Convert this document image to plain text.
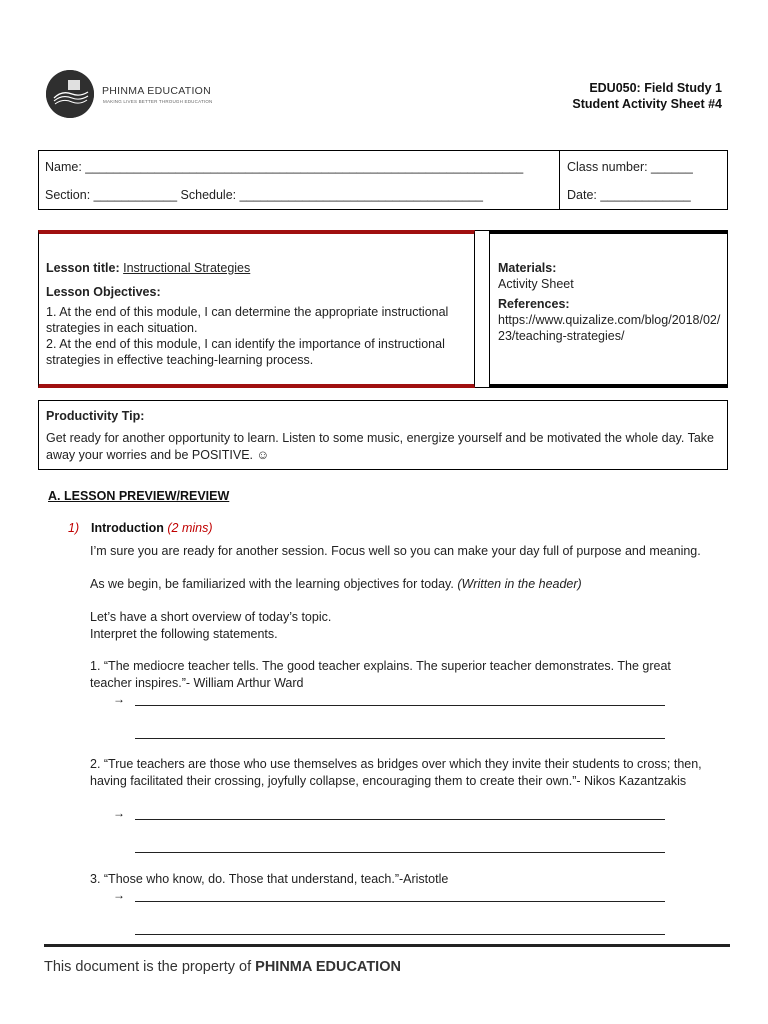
PHINMA EDUCATION
MAKING LIVES BETTER THROUGH EDUCATION
EDU050: Field Study 1
Student Activity Sheet #4
Name: _______________________________________________________________
Section: ____________ Schedule: ___________________________________
Class number: ______
Date: _____________
Lesson title: Instructional Strategies
Lesson Objectives:
1. At the end of this module, I can determine the appropriate instructional strategies in each situation.
2. At the end of this module, I can identify the importance of instructional strategies in effective teaching-learning process.
Materials:
Activity Sheet
References:
https://www.quizalize.com/blog/2018/02/23/teaching-strategies/
Productivity Tip:
Get ready for another opportunity to learn. Listen to some music, energize yourself and be motivated the whole day. Take away your worries and be POSITIVE. ☺
A. LESSON PREVIEW/REVIEW
1) Introduction (2 mins)
I’m sure you are ready for another session. Focus well so you can make your day full of purpose and meaning.
As we begin, be familiarized with the learning objectives for today. (Written in the header)
Let’s have a short overview of today’s topic.
Interpret the following statements.
1. “The mediocre teacher tells. The good teacher explains. The superior teacher demonstrates. The great teacher inspires.”- William Arthur Ward
→
2. “True teachers are those who use themselves as bridges over which they invite their students to cross; then, having facilitated their crossing, joyfully collapse, encouraging them to create their own.”- Nikos Kazantzakis
→
3. “Those who know, do. Those that understand, teach.”-Aristotle
→
This document is the property of PHINMA EDUCATION
